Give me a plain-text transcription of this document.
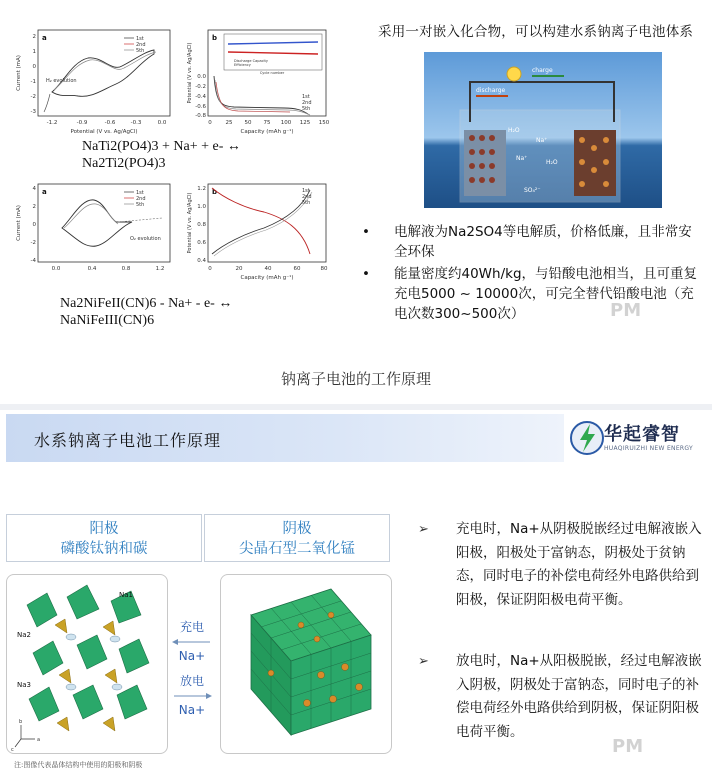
采用一对嵌入化合物，可以构建水系钠离子电池体系
a
H₂ evolution
1st
2nd
5th
-1.2	-0.9	-0.6	-0.3	0.0
2
1
0
-1
-2
-3
Potential (V vs. Ag/AgCl)
Current (mA)
b
Discharge Capacity
Efficiency
Cycle number
1st
2nd
5th
0	25 50 75 100 125 150
0.0
-0.2
-0.4
-0.6
-0.8
Capacity (mAh g⁻¹)
Potential (V vs. Ag/AgCl)
NaTi2(PO4)3 + Na+ + e- ↔
Na2Ti2(PO4)3
a
O₂ evolution
1st
2nd
5th
0.0	0.4	0.8	1.2
4
2
0
-2
-4
Current (mA)
b	1st
2nd
5th
0	20	40	60	80
1.2
1.0
0.8
0.6
0.4
Capacity (mAh g⁻¹)
Potential (V vs. Ag/AgCl)
Na2NiFeII(CN)6 - Na+ - e- ↔
NaNiFeIII(CN)6
charge
discharge
H₂O
Na⁺
Na⁺
H₂O
SO₄²⁻
• 电解液为Na2SO4等电解质，价格低廉，且非常安全环保
• 能量密度约40Wh/kg，与铅酸电池相当，且可重复充电5000 ~ 10000次，可完全替代铅酸电池（充电次数300~500次）	PM
钠离子电池的工作原理
水系钠离子电池工作原理	华起睿智
HUAQIRUIZHI NEW ENERGY
阳极
磷酸钛钠和碳
阴极
尖晶石型二氧化锰
Na1
Na2
Na3
a
b
c
充电
Na+
放电
Na+
注:图像代表晶体结构中使用的阳极和阴极
➢	充电时，Na+从阴极脱嵌经过电解液嵌入阳极，阳极处于富钠态，阴极处于贫钠态，同时电子的补偿电荷经外电路供给到阳极，保证阴阳极电荷平衡。
➢	放电时，Na+从阳极脱嵌，经过电解液嵌入阴极，阴极处于富钠态，同时电子的补偿电荷经外电路供给到阴极，保证阴阳极电荷平衡。
PM
